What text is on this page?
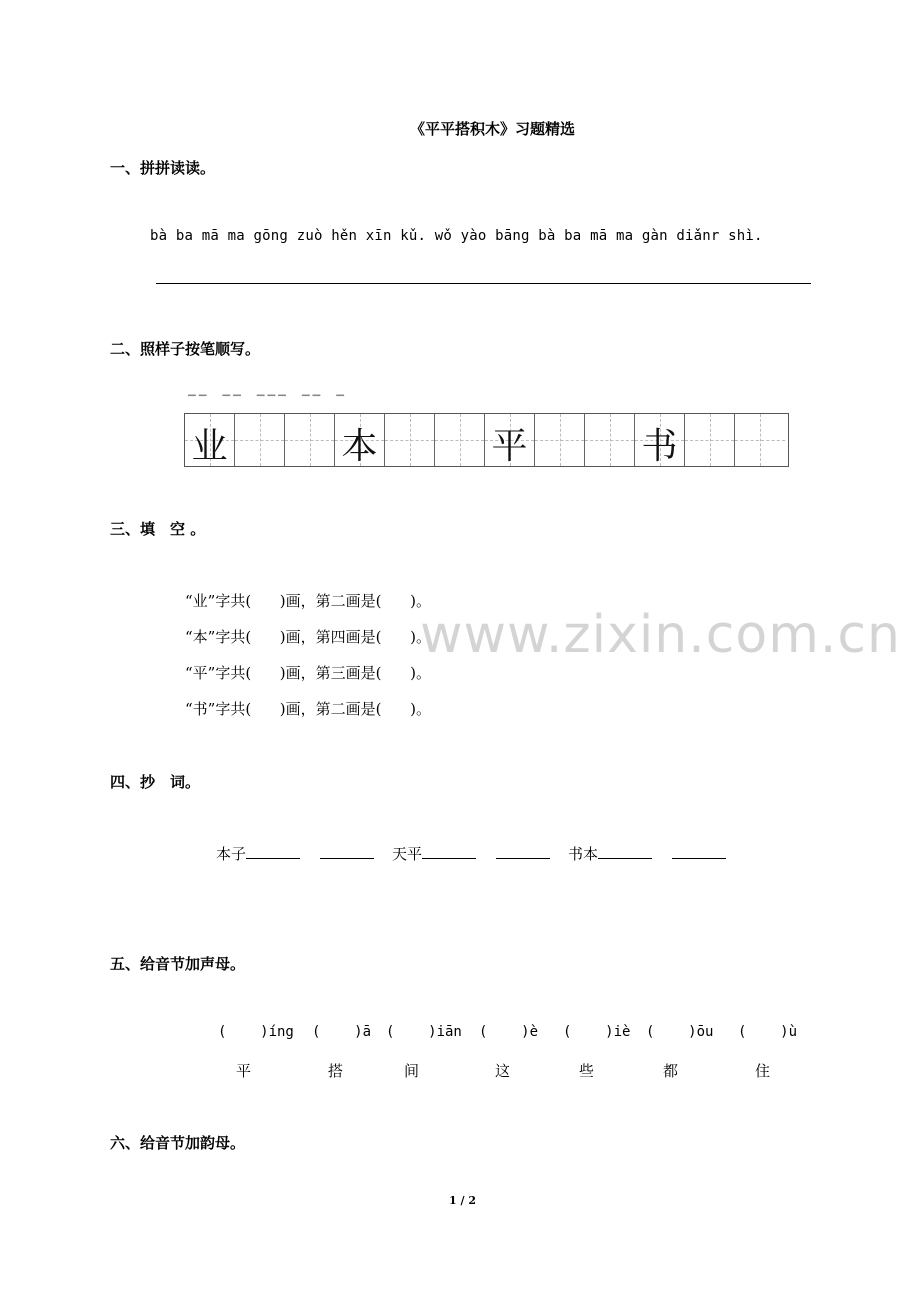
《平平搭积木》习题精选
一、拼拼读读。
bà ba mā ma gōng zuò hěn xīn kǔ. wǒ yào bāng bà ba mā ma gàn diǎnr shì.
二、照样子按笔顺写。
▔▔　▔▔　▔▔▔　▔▔　▔
业	本	平	书
三、填　空 。
www.zixin.com.cn
“业”字共(      )画，第二画是(      )。
“本”字共(      )画，第四画是(      )。
“平”字共(      )画，第三画是(      )。
“书”字共(      )画，第二画是(      )。
四、抄　词。
本子	天平	书本
五、给音节加声母。
(    )íng (    )ā (    )iān (    )è (    )iè (    )ōu (    )ù
平	搭	间	这	些	都	住
六、给音节加韵母。
1 / 2
